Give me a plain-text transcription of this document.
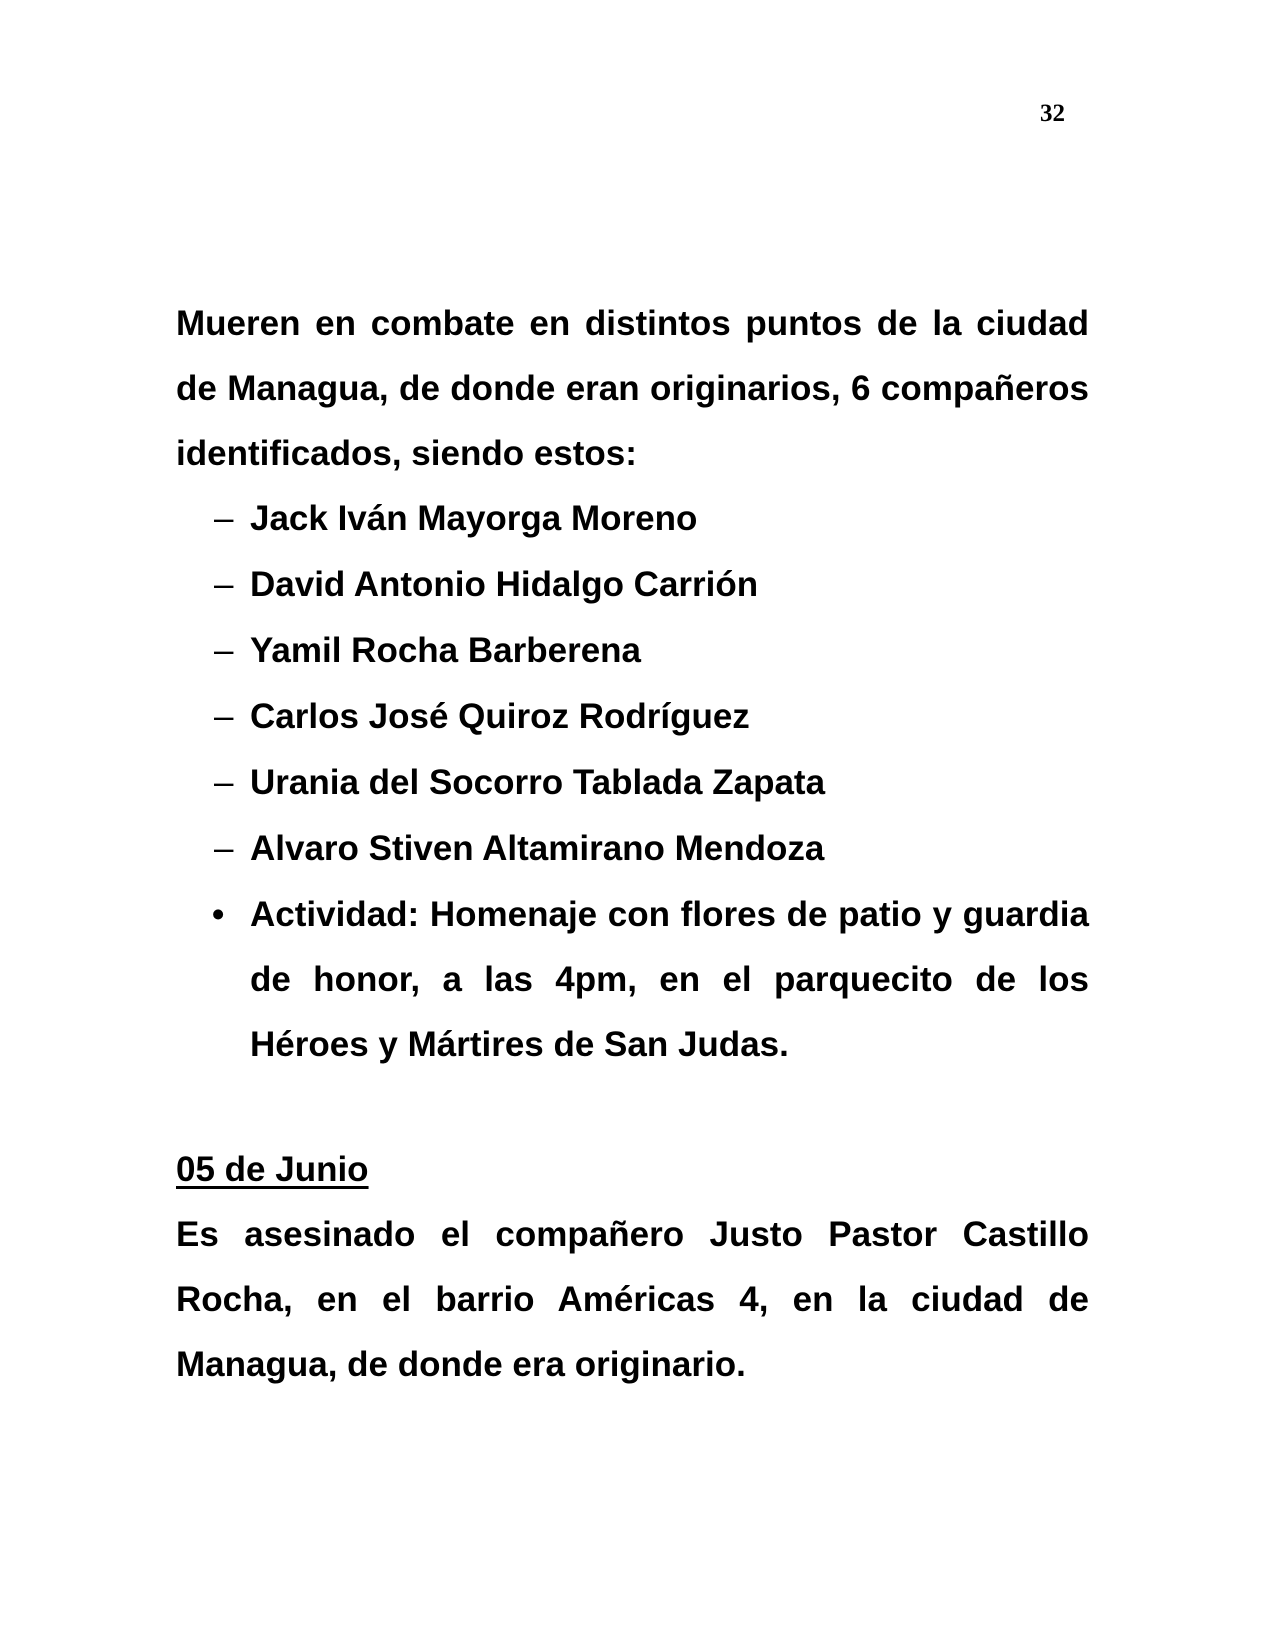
32

Mueren en combate en distintos puntos de la ciudad de Managua, de donde eran originarios, 6 compañeros identificados, siendo estos:

– Jack Iván Mayorga Moreno
– David Antonio Hidalgo Carrión
– Yamil Rocha Barberena
– Carlos José Quiroz Rodríguez
– Urania del Socorro Tablada Zapata
– Alvaro Stiven Altamirano Mendoza

• Actividad: Homenaje con flores de patio y guardia de honor, a las 4pm, en el parquecito de los Héroes y Mártires de San Judas.

05 de Junio

Es asesinado el compañero Justo Pastor Castillo Rocha, en el barrio Américas 4, en la ciudad de Managua, de donde era originario.
